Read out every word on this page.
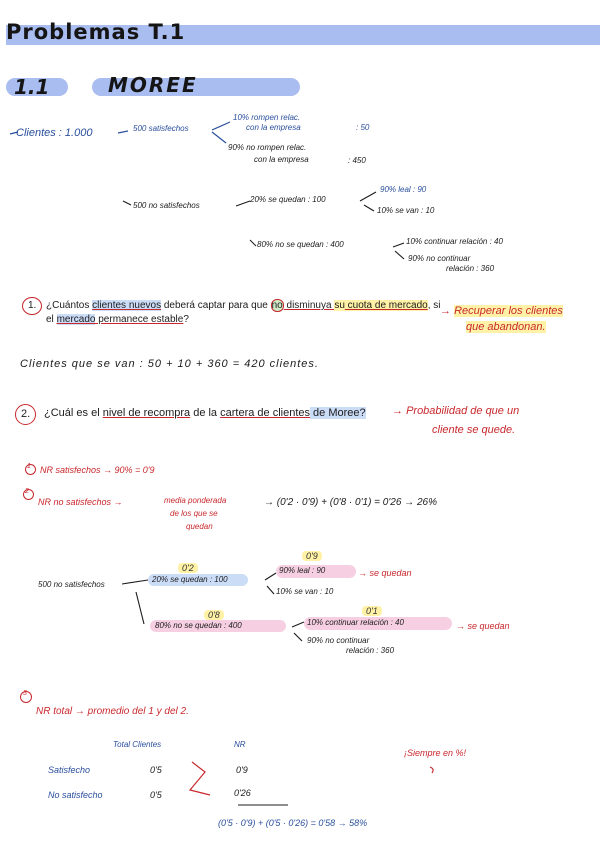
Problemas T.1
1.1	MOREE
Clientes : 1.000	500 satisfechos
10% rompen relac.
con la empresa	: 50
90% no rompen relac.
con la empresa	: 450
500 no satisfechos
20% se quedan : 100
90% leal : 90
10% se van : 10
80% no se quedan : 400	10% continuar relación : 40
90% no continuar
relación : 360
1. ¿Cuántos clientes nuevos deberá captar para que no disminuya su cuota de mercado, si
el mercado permanece estable?
→ Recuperar los clientes
que abandonan.
Clientes que se van : 50 + 10 + 360 = 420 clientes.
2. ¿Cuál es el nivel de recompra de la cartera de clientes de Moree? → Probabilidad de que un
cliente se quede.
1 NR satisfechos → 90% = 0'9
2
NR no satisfechos →	media ponderada
de los que se
quedan
→ (0'2 · 0'9) + (0'8 · 0'1) = 0'26 → 26%
500 no satisfechos
20% se quedan : 100
90% leal : 90
10% se van : 10
→ se quedan
80% no se quedan : 400	10% continuar relación : 40
90% no continuar
relación : 360
→ se quedan
0'2
0'9
0'8	0'1
3
NR total → promedio del 1 y del 2.
Total Clientes	NR
Satisfecho	0'5	0'9
No satisfecho	0'5	0'26
¡Siempre en %!
(0'5 · 0'9) + (0'5 · 0'26) = 0'58 → 58%
